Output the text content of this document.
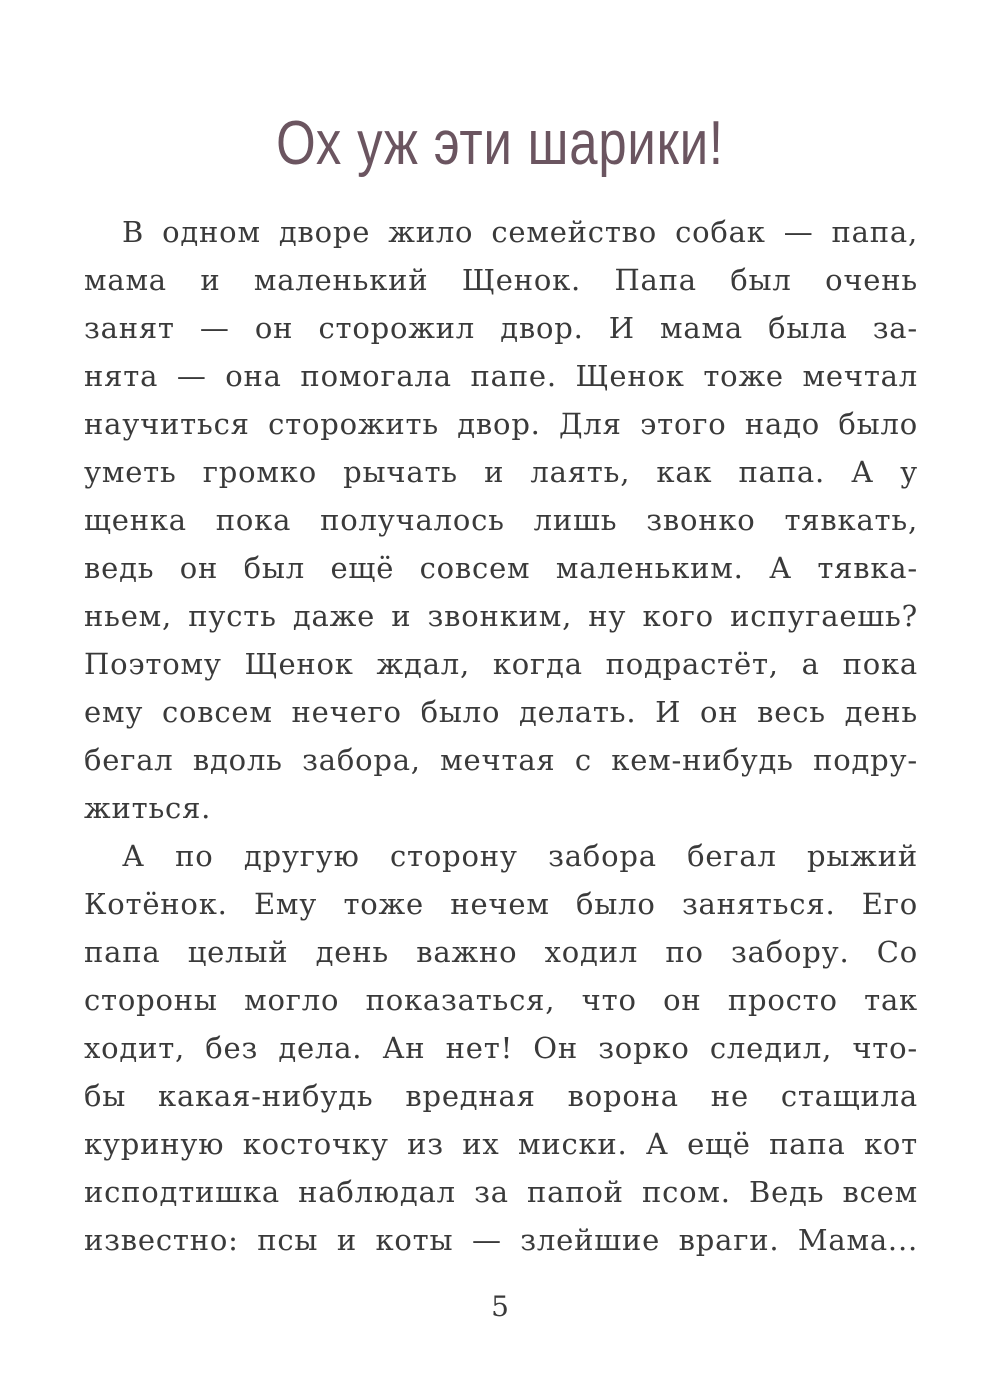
Ох уж эти шарики!
В одном дворе жило семейство собак — папа,
мама и маленький Щенок. Папа был очень
занят — он сторожил двор. И мама была за-
нята — она помогала папе. Щенок тоже мечтал
научиться сторожить двор. Для этого надо было
уметь громко рычать и лаять, как папа. А у
щенка пока получалось лишь звонко тявкать,
ведь он был ещё совсем маленьким. А тявка-
ньем, пусть даже и звонким, ну кого испугаешь?
Поэтому Щенок ждал, когда подрастёт, а пока
ему совсем нечего было делать. И он весь день
бегал вдоль забора, мечтая с кем-нибудь подру-
житься.
А по другую сторону забора бегал рыжий
Котёнок. Ему тоже нечем было заняться. Его
папа целый день важно ходил по забору. Со
стороны могло показаться, что он просто так
ходит, без дела. Ан нет! Он зорко следил, что-
бы какая-нибудь вредная ворона не стащила
куриную косточку из их миски. А ещё папа кот
исподтишка наблюдал за папой псом. Ведь всем
известно: псы и коты — злейшие враги. Мама...
5
